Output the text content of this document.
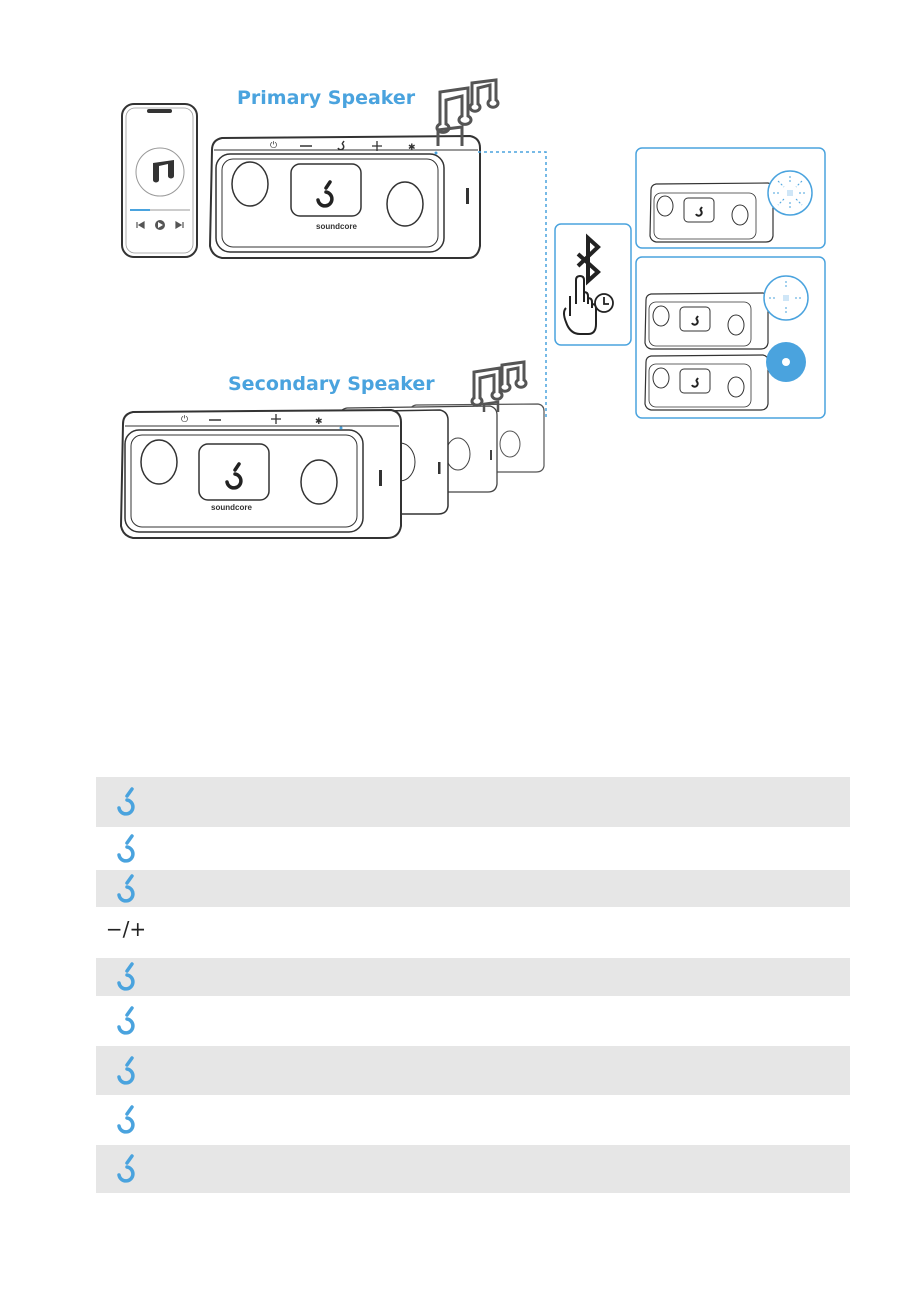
Primary Speaker
Secondary Speaker
soundcore
⏻	✱
soundcore
⏻	✱
−/+
